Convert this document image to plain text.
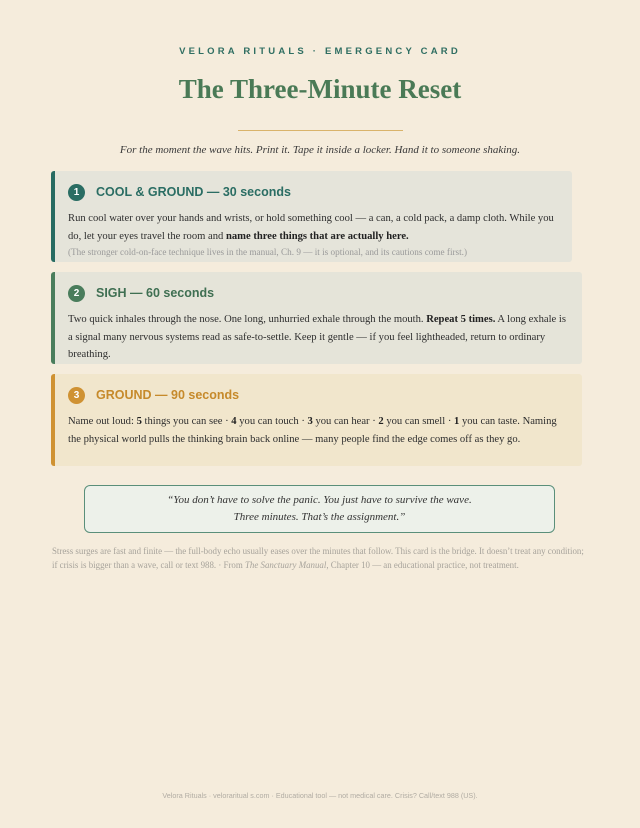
VELORA RITUALS · EMERGENCY CARD
The Three-Minute Reset
For the moment the wave hits. Print it. Tape it inside a locker. Hand it to someone shaking.
1	COOL & GROUND — 30 seconds
Run cool water over your hands and wrists, or hold something cool — a can, a cold pack, a damp cloth. While you do, let your eyes travel the room and name three things that are actually here.
(The stronger cold-on-face technique lives in the manual, Ch. 9 — it is optional, and its cautions come first.)
2	SIGH — 60 seconds
Two quick inhales through the nose. One long, unhurried exhale through the mouth. Repeat 5 times. A long exhale is a signal many nervous systems read as safe-to-settle. Keep it gentle — if you feel lightheaded, return to ordinary breathing.
3	GROUND — 90 seconds
Name out loud: 5 things you can see · 4 you can touch · 3 you can hear · 2 you can smell · 1 you can taste. Naming the physical world pulls the thinking brain back online — many people find the edge comes off as they go.
“You don’t have to solve the panic. You just have to survive the wave.
Three minutes. That’s the assignment.”
Stress surges are fast and finite — the full-body echo usually eases over the minutes that follow. This card is the bridge. It doesn’t treat any condition; if crisis is bigger than a wave, call or text 988. · From The Sanctuary Manual, Chapter 10 — an educational practice, not treatment.
Velora Rituals · veloraritual s.com · Educational tool — not medical care. Crisis? Call/text 988 (US).
